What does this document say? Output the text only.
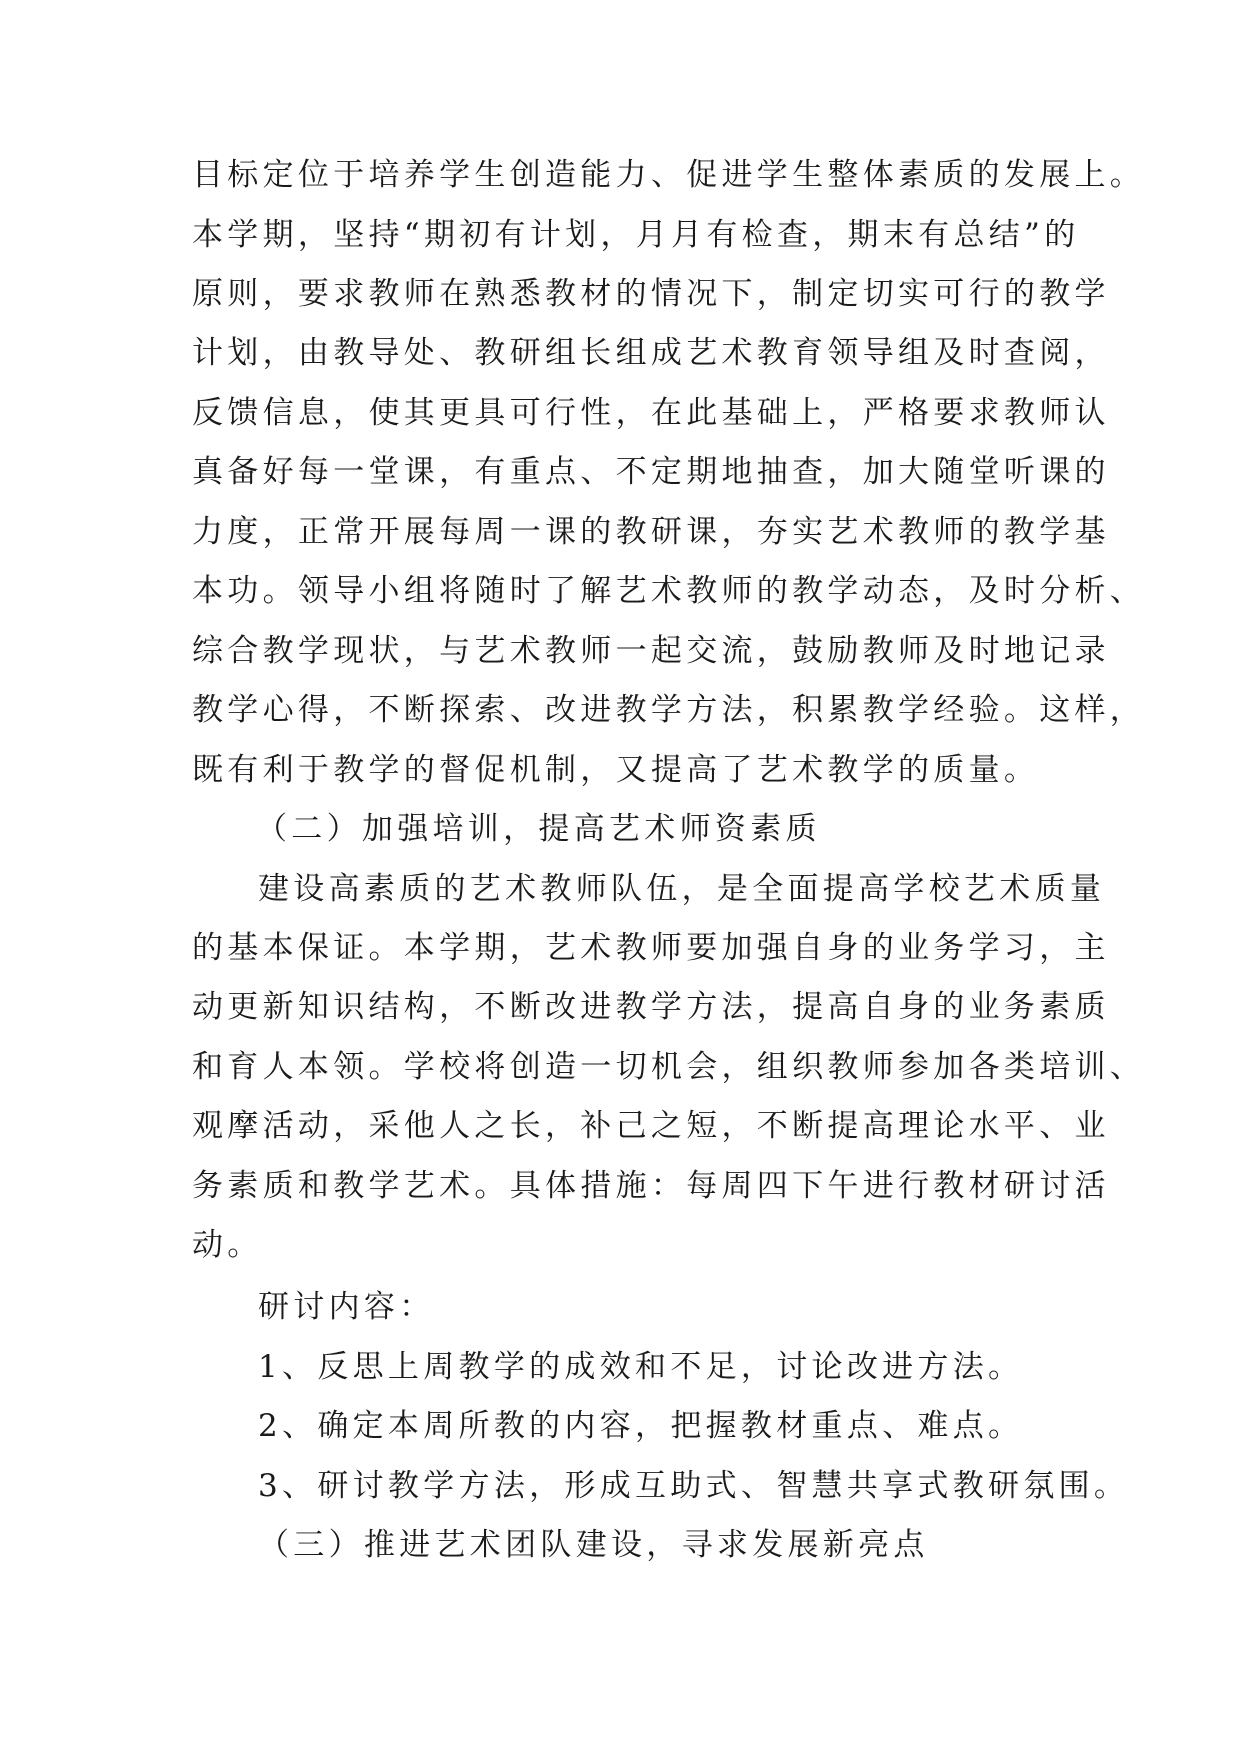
目标定位于培养学生创造能力、促进学生整体素质的发展上。
本学期，坚持“期初有计划，月月有检查，期末有总结”的
原则，要求教师在熟悉教材的情况下，制定切实可行的教学
计划，由教导处、教研组长组成艺术教育领导组及时查阅，
反馈信息，使其更具可行性，在此基础上，严格要求教师认
真备好每一堂课，有重点、不定期地抽查，加大随堂听课的
力度，正常开展每周一课的教研课，夯实艺术教师的教学基
本功。领导小组将随时了解艺术教师的教学动态，及时分析、
综合教学现状，与艺术教师一起交流，鼓励教师及时地记录
教学心得，不断探索、改进教学方法，积累教学经验。这样，
既有利于教学的督促机制，又提高了艺术教学的质量。
（二）加强培训，提高艺术师资素质
建设高素质的艺术教师队伍，是全面提高学校艺术质量
的基本保证。本学期，艺术教师要加强自身的业务学习，主
动更新知识结构，不断改进教学方法，提高自身的业务素质
和育人本领。学校将创造一切机会，组织教师参加各类培训、
观摩活动，采他人之长，补己之短，不断提高理论水平、业
务素质和教学艺术。具体措施：每周四下午进行教材研讨活
动。
研讨内容：
1、反思上周教学的成效和不足，讨论改进方法。
2、确定本周所教的内容，把握教材重点、难点。
3、研讨教学方法，形成互助式、智慧共享式教研氛围。
（三）推进艺术团队建设，寻求发展新亮点
